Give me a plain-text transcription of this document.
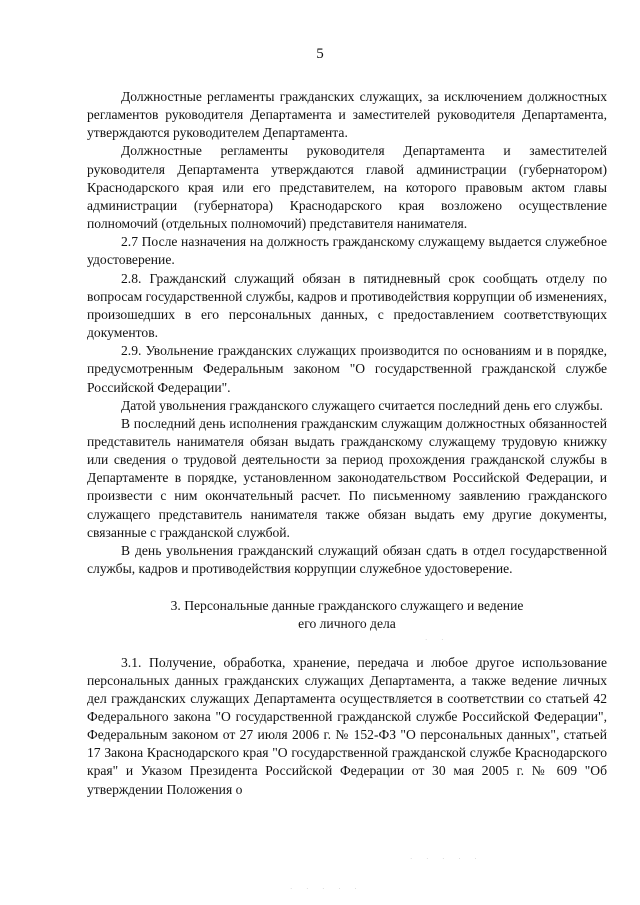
5

Должностные регламенты гражданских служащих, за исключением должностных регламентов руководителя Департамента и заместителей руководителя Департамента, утверждаются руководителем Департамента.

Должностные регламенты руководителя Департамента и заместителей руководителя Департамента утверждаются главой администрации (губернатором) Краснодарского края или его представителем, на которого правовым актом главы администрации (губернатора) Краснодарского края возложено осуществление полномочий (отдельных полномочий) представителя нанимателя.

2.7 После назначения на должность гражданскому служащему выдается служебное удостоверение.

2.8. Гражданский служащий обязан в пятидневный срок сообщать отделу по вопросам государственной службы, кадров и противодействия коррупции об изменениях, произошедших в его персональных данных, с предоставлением соответствующих документов.

2.9. Увольнение гражданских служащих производится по основаниям и в порядке, предусмотренным Федеральным законом "О государственной гражданской службе Российской Федерации".

Датой увольнения гражданского служащего считается последний день его службы.

В последний день исполнения гражданским служащим должностных обязанностей представитель нанимателя обязан выдать гражданскому служащему трудовую книжку или сведения о трудовой деятельности за период прохождения гражданской службы в Департаменте в порядке, установленном законодательством Российской Федерации, и произвести с ним окончательный расчет. По письменному заявлению гражданского служащего представитель нанимателя также обязан выдать ему другие документы, связанные с гражданской службой.

В день увольнения гражданский служащий обязан сдать в отдел государственной службы, кадров и противодействия коррупции служебное удостоверение.

3. Персональные данные гражданского служащего и ведение
его личного дела

3.1. Получение, обработка, хранение, передача и любое другое использование персональных данных гражданских служащих Департамента, а также ведение личных дел гражданских служащих Департамента осуществляется в соответствии со статьей 42 Федерального закона "О государственной гражданской службе Российской Федерации", Федеральным законом от 27 июля 2006 г. № 152-ФЗ "О персональных данных", статьей 17 Закона Краснодарского края "О государственной гражданской службе Краснодарского края" и Указом Президента Российской Федерации от 30 мая 2005 г. № 609 "Об утверждении Положения о

· ·
· · · · ·
· · · · ·
